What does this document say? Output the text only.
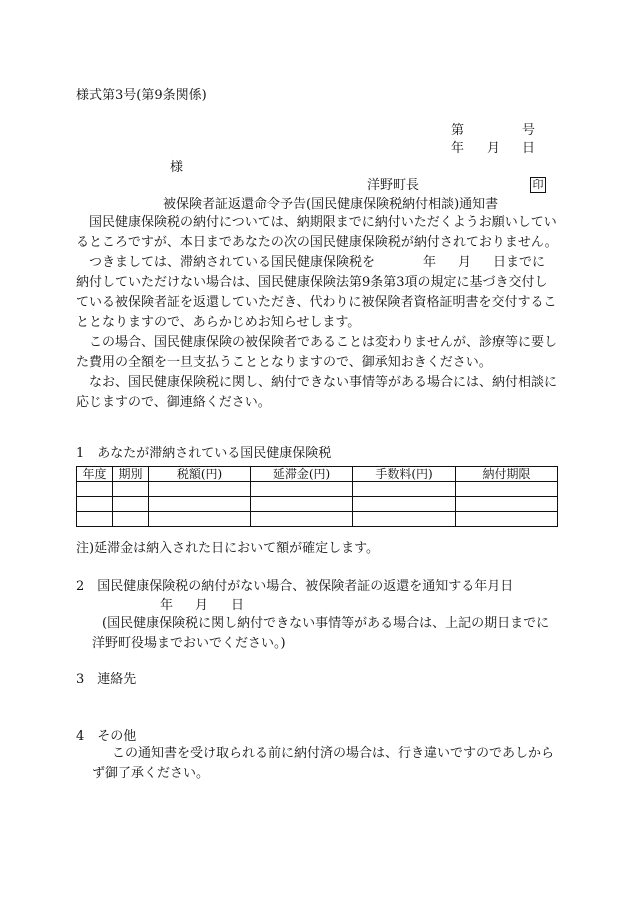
様式第3号(第9条関係)
第	号
年 月 日
様
洋野町長	印
被保険者証返還命令予告(国民健康保険税納付相談)通知書
国民健康保険税の納付については、納期限までに納付いただくようお願いしているところですが、本日まであなたの次の国民健康保険税が納付されておりません。
つきましては、滞納されている国民健康保険税を	年 月 日までに納付していただけない場合は、国民健康保険法第9条第3項の規定に基づき交付している被保険者証を返還していただき、代わりに被保険者資格証明書を交付することとなりますので、あらかじめお知らせします。
この場合、国民健康保険の被保険者であることは変わりませんが、診療等に要した費用の全額を一旦支払うこととなりますので、御承知おきください。
なお、国民健康保険税に関し、納付できない事情等がある場合には、納付相談に応じますので、御連絡ください。
1　あなたが滞納されている国民健康保険税
年度	期別	税額(円)	延滞金(円)	手数料(円)	納付期限

注)延滞金は納入された日において額が確定します。
2　国民健康保険税の納付がない場合、被保険者証の返還を通知する年月日
年 月 日
(国民健康保険税に関し納付できない事情等がある場合は、上記の期日までに洋野町役場までおいでください。)
3　連絡先
4　その他
この通知書を受け取られる前に納付済の場合は、行き違いですのであしからず御了承ください。
